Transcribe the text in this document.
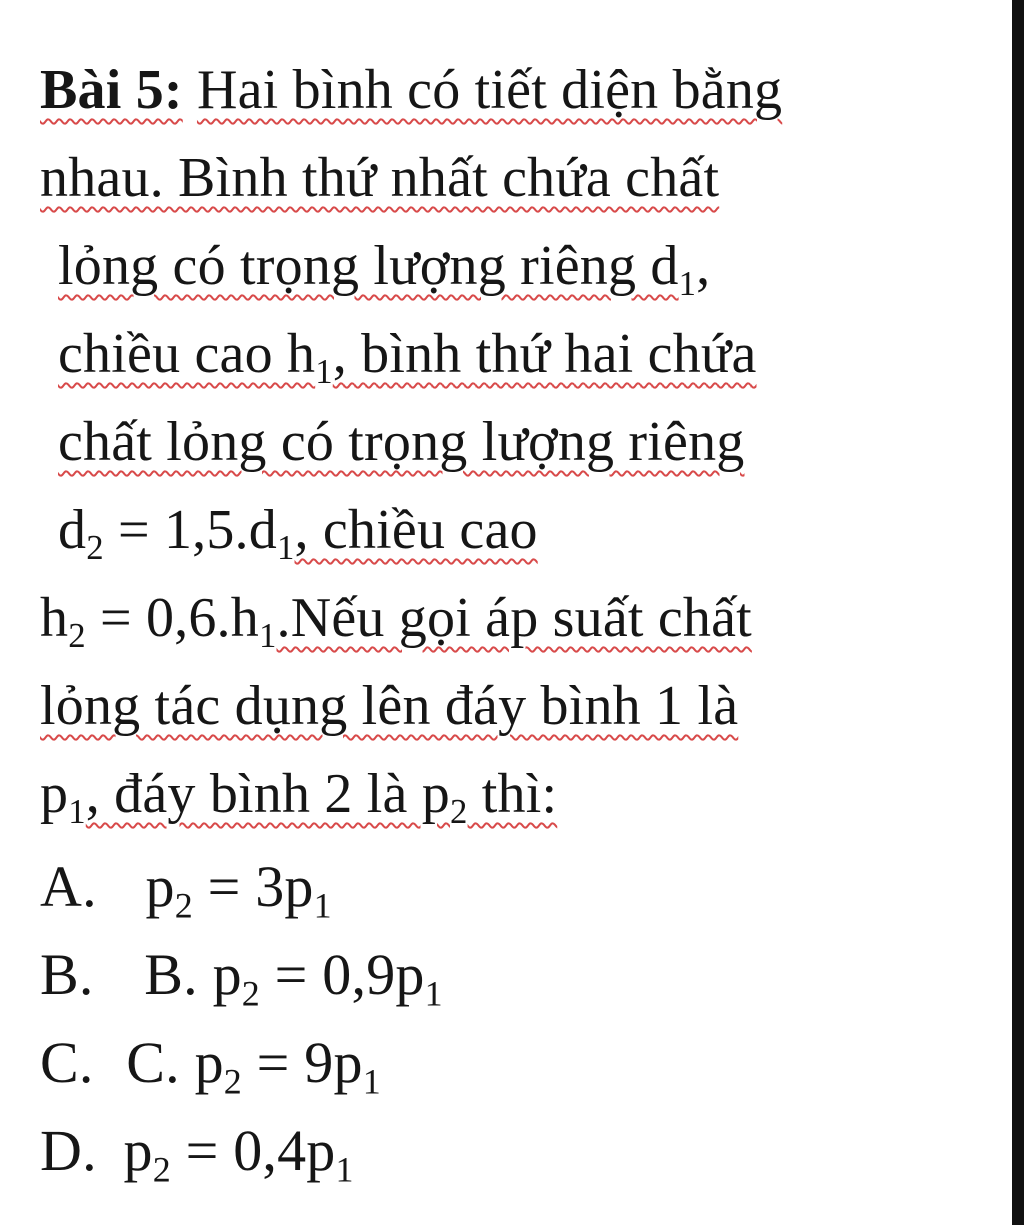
Bài 5: Hai bình có tiết diện bằng
nhau. Bình thứ nhất chứa chất
lỏng có trọng lượng riêng $d_1$,
chiều cao $h_1$, bình thứ hai chứa
chất lỏng có trọng lượng riêng
$d_2 = 1,5.d_1$, chiều cao
$h_2$ = $0,6.h_1.Nếu$ gọi áp suất chất
lỏng tác dụng lên đáy bình 1 là
$p_1$, đáy bình 2 là $p_2$ thì:
A. $p_2 = 3p_1$
B. B. $p_2 = 0,9p_1$
C. C. $p_2 = 9p_1$
D. $p_2 = 0,4p_1$
